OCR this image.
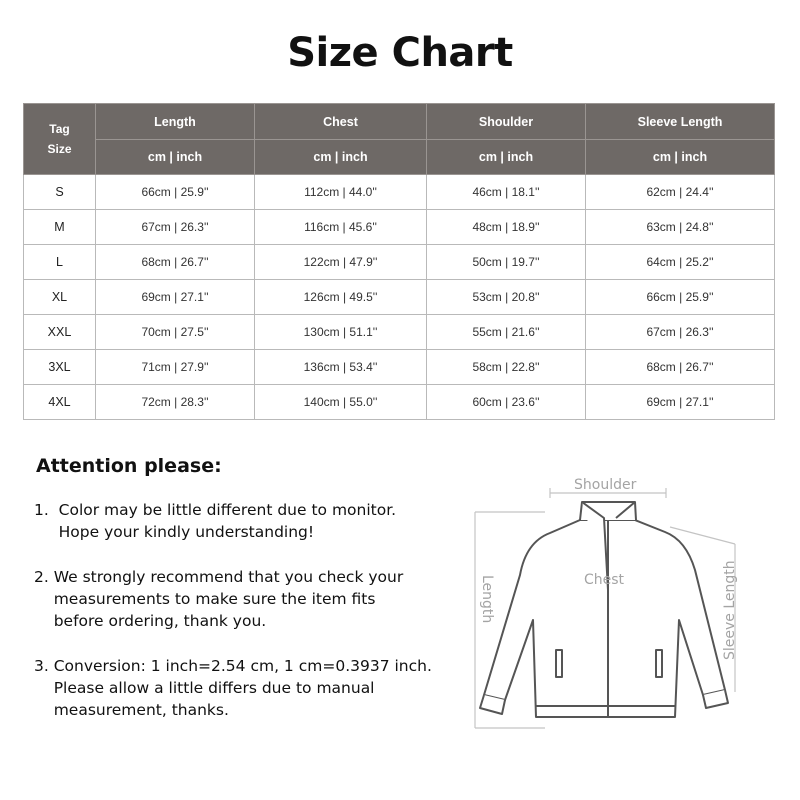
Size Chart
Tag Size	Length	Chest	Shoulder	Sleeve Length
	cm | inch	cm | inch	cm | inch	cm | inch
S	66cm | 25.9''	112cm | 44.0''	46cm | 18.1''	62cm | 24.4''
M	67cm | 26.3''	116cm | 45.6''	48cm | 18.9''	63cm | 24.8''
L	68cm | 26.7''	122cm | 47.9''	50cm | 19.7''	64cm | 25.2''
XL	69cm | 27.1''	126cm | 49.5''	53cm | 20.8''	66cm | 25.9''
XXL	70cm | 27.5''	130cm | 51.1''	55cm | 21.6''	67cm | 26.3''
3XL	71cm | 27.9''	136cm | 53.4''	58cm | 22.8''	68cm | 26.7''
4XL	72cm | 28.3''	140cm | 55.0''	60cm | 23.6''	69cm | 27.1''
Attention please:
1.  Color may be little different due to monitor.
Hope your kindly understanding!
2. We strongly recommend that you check your
measurements to make sure the item fits
before ordering, thank you.
3. Conversion: 1 inch=2.54 cm, 1 cm=0.3937 inch.
Please allow a little differs due to manual
measurement, thanks.
Shoulder
Chest
Length	Sleeve Length
